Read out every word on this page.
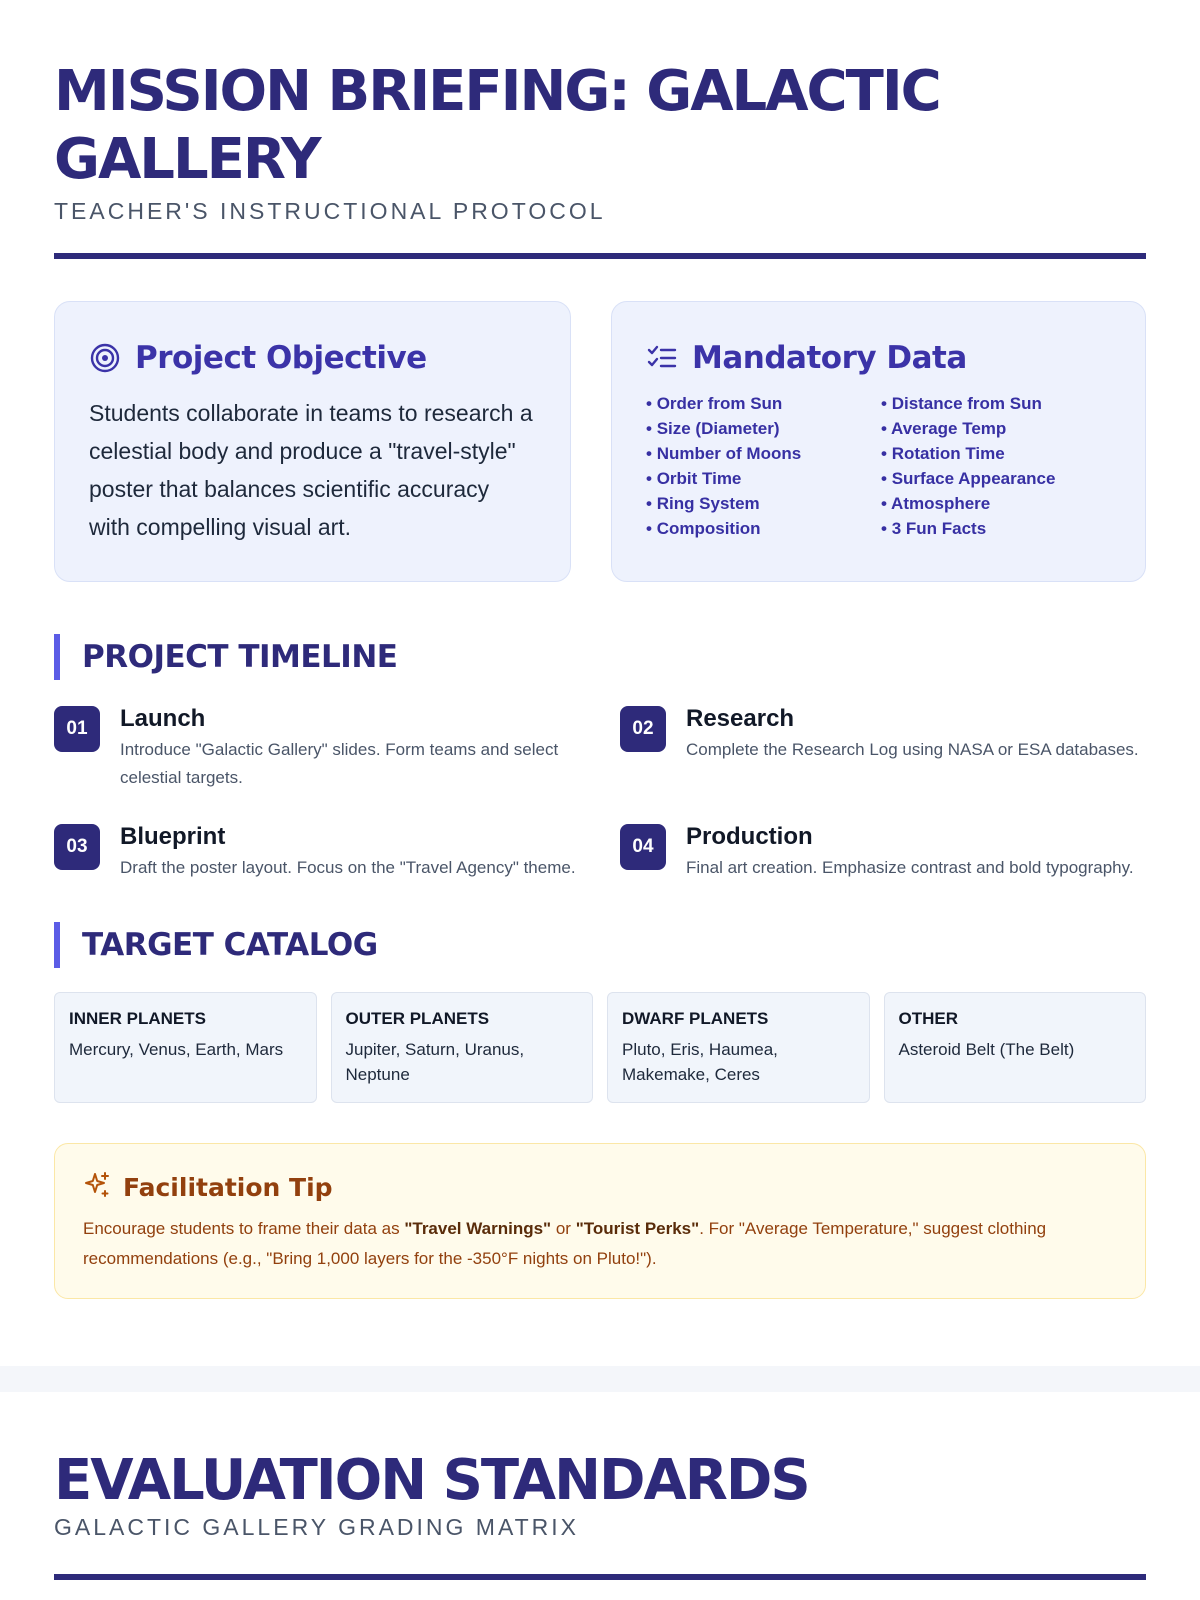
MISSION BRIEFING: GALACTIC GALLERY
TEACHER'S INSTRUCTIONAL PROTOCOL
Project Objective

Students collaborate in teams to research a celestial body and produce a "travel-style" poster that balances scientific accuracy with compelling visual art.

Mandatory Data
• Order from Sun	• Distance from Sun
• Size (Diameter)	• Average Temp
• Number of Moons	• Rotation Time
• Orbit Time	• Surface Appearance
• Ring System	• Atmosphere
• Composition	• 3 Fun Facts
PROJECT TIMELINE
01	Launch
Introduce "Galactic Gallery" slides. Form teams and select celestial targets.
02	Research
Complete the Research Log using NASA or ESA databases.
03	Blueprint
Draft the poster layout. Focus on the "Travel Agency" theme.
04	Production
Final art creation. Emphasize contrast and bold typography.
TARGET CATALOG
INNER PLANETS
Mercury, Venus, Earth, Mars
OUTER PLANETS
Jupiter, Saturn, Uranus, Neptune
DWARF PLANETS
Pluto, Eris, Haumea, Makemake, Ceres
OTHER
Asteroid Belt (The Belt)
Facilitation Tip

Encourage students to frame their data as "Travel Warnings" or "Tourist Perks". For "Average Temperature," suggest clothing recommendations (e.g., "Bring 1,000 layers for the -350°F nights on Pluto!").

EVALUATION STANDARDS
GALACTIC GALLERY GRADING MATRIX
